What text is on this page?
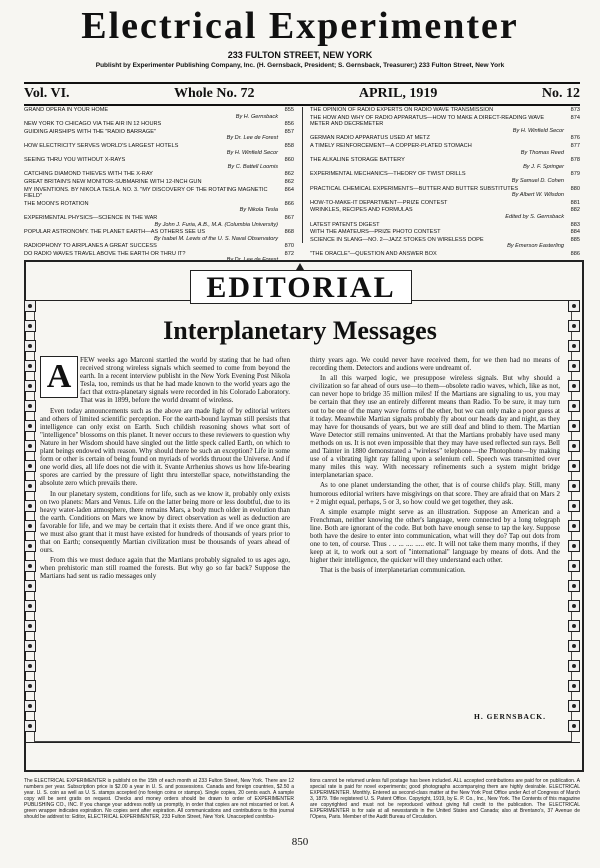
Electrical Experimenter
233 FULTON STREET, NEW YORK
Publisht by Experimenter Publishing Company, Inc. (H. Gernsback, President; S. Gernsback, Treasurer;) 233 Fulton Street, New York
Vol. VI.	Whole No. 72	APRIL, 1919	No. 12
GRAND OPERA IN YOUR HOME	855
By H. Gernsback
NEW YORK TO CHICAGO VIA THE AIR IN 12 HOURS	856
GUIDING AIRSHIPS WITH THE "RADIO BARRAGE"	857
By Dr. Lee de Forest
HOW ELECTRICITY SERVES WORLD'S LARGEST HOTELS	858
By H. Winfield Secor
SEEING THRU YOU WITHOUT X-RAYS	860
By C. Battell Loomis
CATCHING DIAMOND THIEVES WITH THE X-RAY	862
GREAT BRITAIN'S NEW MONITOR-SUBMARINE WITH 12-INCH GUN	862
MY INVENTIONS. BY NIKOLA TESLA. NO. 3. "MY DISCOVERY OF THE ROTATING MAGNETIC FIELD"
864
THE MOON'S ROTATION	866
By Nikola Tesla
EXPERIMENTAL PHYSICS—SCIENCE IN THE WAR	867
By John J. Furia, A.B., M.A. (Columbia University)
POPULAR ASTRONOMY. THE PLANET EARTH—AS OTHERS SEE US	868
By Isabel M. Lewis of the U. S. Naval Observatory
RADIOPHONY TO AIRPLANES A GREAT SUCCESS	870
DO RADIO WAVES TRAVEL ABOVE THE EARTH OR THRU IT?	872
By Dr. Lee de Forest
THE OPINION OF RADIO EXPERTS ON RADIO WAVE TRANSMISSION	873
THE HOW AND WHY OF RADIO APPARATUS—HOW TO MAKE A DIRECT-READING WAVE METER AND DECREMETER
874
By H. Winfield Secor
GERMAN RADIO APPARATUS USED AT METZ	876
A TIMELY REINFORCEMENT—A COPPER-PLATED STOMACH	877
By Thomas Reed
THE ALKALINE STORAGE BATTERY	878
By J. F. Springer
EXPERIMENTAL MECHANICS—THEORY OF TWIST DRILLS	879
By Samuel D. Cohen
PRACTICAL CHEMICAL EXPERIMENTS—BUTTER AND BUTTER SUBSTITUTES	880
By Albert W. Wilsdon
HOW-TO-MAKE-IT DEPARTMENT—PRIZE CONTEST	881
WRINKLES, RECIPES AND FORMULAS	882
Edited by S. Gernsback
LATEST PATENTS DIGEST	883
WITH THE AMATEURS—PRIZE PHOTO CONTEST	884
SCIENCE IN SLANG—NO. 2—JAZZ STOKES ON WIRELESS DOPE	885
By Emerson Easterling
"THE ORACLE"—QUESTION AND ANSWER BOX	886
EDITORIAL
Interplanetary Messages

FEW weeks ago Marconi startled the world by stating that he had often received strong wireless signals which seemed to come from beyond the earth. In a recent interview publisht in the New York Evening Post Nikola Tesla, too, reminds us that he had made known to the world years ago the fact that extra-planetary signals were recorded in his Colorado Laboratory. That was in 1899, before the world dreamt of wireless.

Even today announcements such as the above are made light of by editorial writers and others of limited scientific perception. For the earth-bound layman still persists that intelligence can only exist on Earth. Such childish reasoning shows what sort of "intelligence" blossoms on this planet. It never occurs to these reviewers to question why Nature in her Wisdom should have singled out the little speck called Earth, on which to plant beings endowed with reason. Why should there be such an exception? Life in some form or other is certain of being found on myriads of worlds thruout the Universe. And if one world dies, all life does not die with it. Svante Arrhenius shows us how life-bearing spores are carried by the pressure of light thru interstellar space, notwithstanding the absolute zero which prevails there.

In our planetary system, conditions for life, such as we know it, probably only exists on two planets: Mars and Venus. Life on the latter being more or less doubtful, due to its heavy water-laden atmosphere, there remains Mars, a body much older in evolution than the earth. Conditions on Mars we know by direct observation as well as deduction are favorable for life, and we may be certain that it exists there. And if we once grant this, we must also grant that it must have existed for hundreds of thousands of years prior to that on Earth; consequently Martian civilization must be thousands of years ahead of ours.

From this we must deduce again that the Martians probably signaled to us ages ago, when prehistoric man still roamed the forests. But why go so far back? Suppose the Martians had sent us radio messages only

thirty years ago. We could never have received them, for we then had no means of recording them. Detectors and audions were undreamt of.

In all this warped logic, we presuppose wireless signals. But why should a civilization so far ahead of ours use—to them—obsolete radio waves, which, like as not, can never hope to bridge 35 million miles! If the Martians are signaling to us, you may be certain that they use an entirely different means than Radio. To be sure, it may turn out to be one of the many wave forms of the ether, but we can only make a poor guess at it today. Meanwhile Martian signals probably fly about our heads day and night, as they may have for thousands of years, but we are still deaf and blind to them. The Martian Wave Detector still remains uninvented. At that the Martians probably have used many methods on us. It is not even impossible that they may have used reflected sun rays. Bell and Tainter in 1880 demonstrated a "wireless" telephone—the Photophone—by making use of a vibrating light ray falling upon a selenium cell. Speech was transmitted over many miles this way. With necessary refinements such a system might bridge interplanetarian space.

As to one planet understanding the other, that is of course child's play. Still, many humorous editorial writers have misgivings on that score. They are afraid that on Mars 2 + 2 might equal, perhaps, 5 or 3, so how could we get together, they ask.

A simple example might serve as an illustration. Suppose an American and a Frenchman, neither knowing the other's language, were connected by a long telegraph line. Both are ignorant of the code. But both have enough sense to tap the key. Suppose both have the desire to enter into communication, what will they do? Tap out dots from one to ten, of course. Thus . .. ... .... ..... etc. It will not take them many months, if they keep at it, to work out a sort of "international" language by means of dots. And the higher their intelligence, the quicker will they understand each other.

That is the basis of interplanetarian communication.

H. GERNSBACK.
A
The ELECTRICAL EXPERIMENTER is publisht on the 15th of each month at 233 Fulton Street, New York. There are 12 numbers per year. Subscription price is $2.00 a year in U. S. and possessions. Canada and foreign countries, $2.50 a year. U. S. coin as well as U. S. stamps accepted (no foreign coins or stamps). Single copies, 20 cents each. A sample copy will be sent gratis on request. Checks and money orders should be drawn to order of EXPERIMENTER PUBLISHING CO., INC. If you change your address notify us promptly, in order that copies are not miscarried or lost. A green wrapper indicates expiration. No copies sent after expiration. All communications and contributions to this journal should be addrest to: Editor, ELECTRICAL EXPERIMENTER, 233 Fulton Street, New York. Unaccepted contribu-
tions cannot be returned unless full postage has been included. ALL accepted contributions are paid for on publication. A special rate is paid for novel experiments; good photographs accompanying them are highly desirable. ELECTRICAL EXPERIMENTER. Monthly. Entered as second-class matter at the New York Post Office under Act of Congress of March 3, 1879. Title registered U. S. Patent Office. Copyright, 1919, by E. P. Co., Inc., New York. The Contents of this magazine are copyrighted and must not be reproduced without giving full credit to the publication. The ELECTRICAL EXPERIMENTER is for sale at all newsstands in the United States and Canada; also at Brentano's, 37 Avenue de l'Opera, Paris. Member of the Audit Bureau of Circulation.
850
